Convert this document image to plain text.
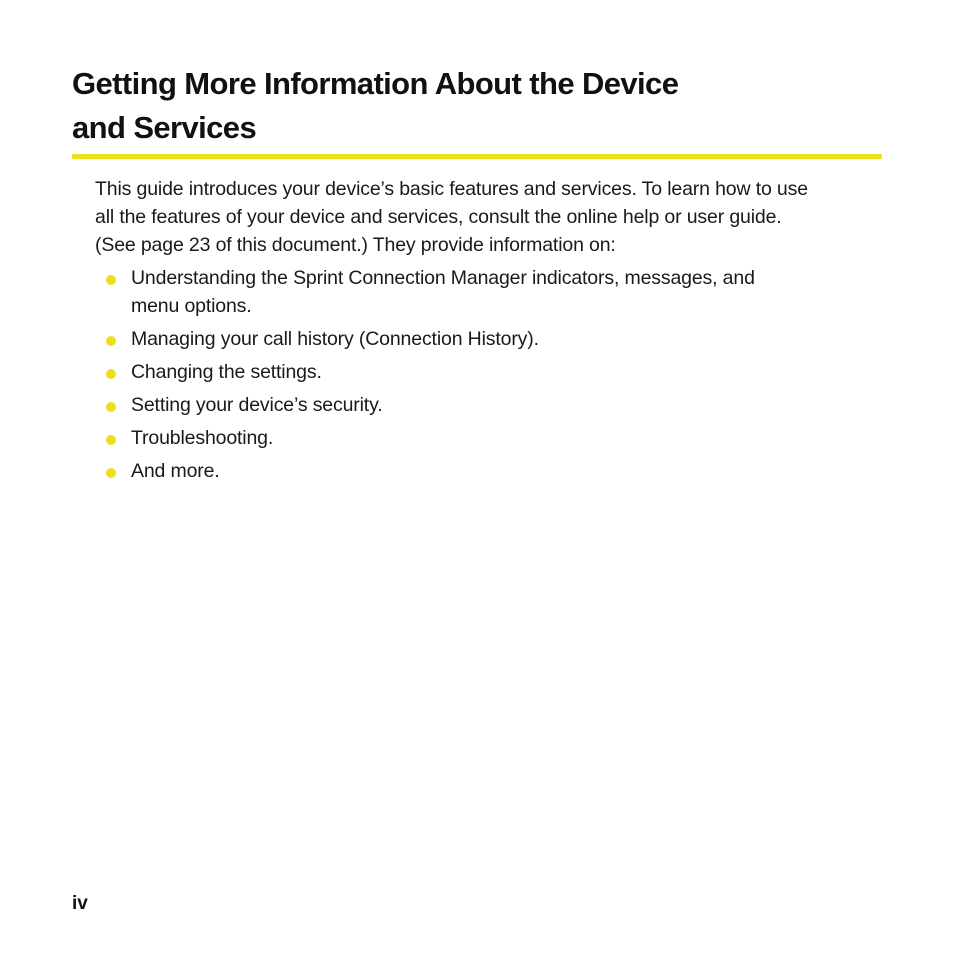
Getting More Information About the Device
and Services

This guide introduces your device’s basic features and services. To learn how to use
all the features of your device and services, consult the online help or user guide.
(See page 23 of this document.) They provide information on:

Understanding the Sprint Connection Manager indicators, messages, and
menu options.
Managing your call history (Connection History).
Changing the settings.
Setting your device’s security.
Troubleshooting.
And more.
iv
